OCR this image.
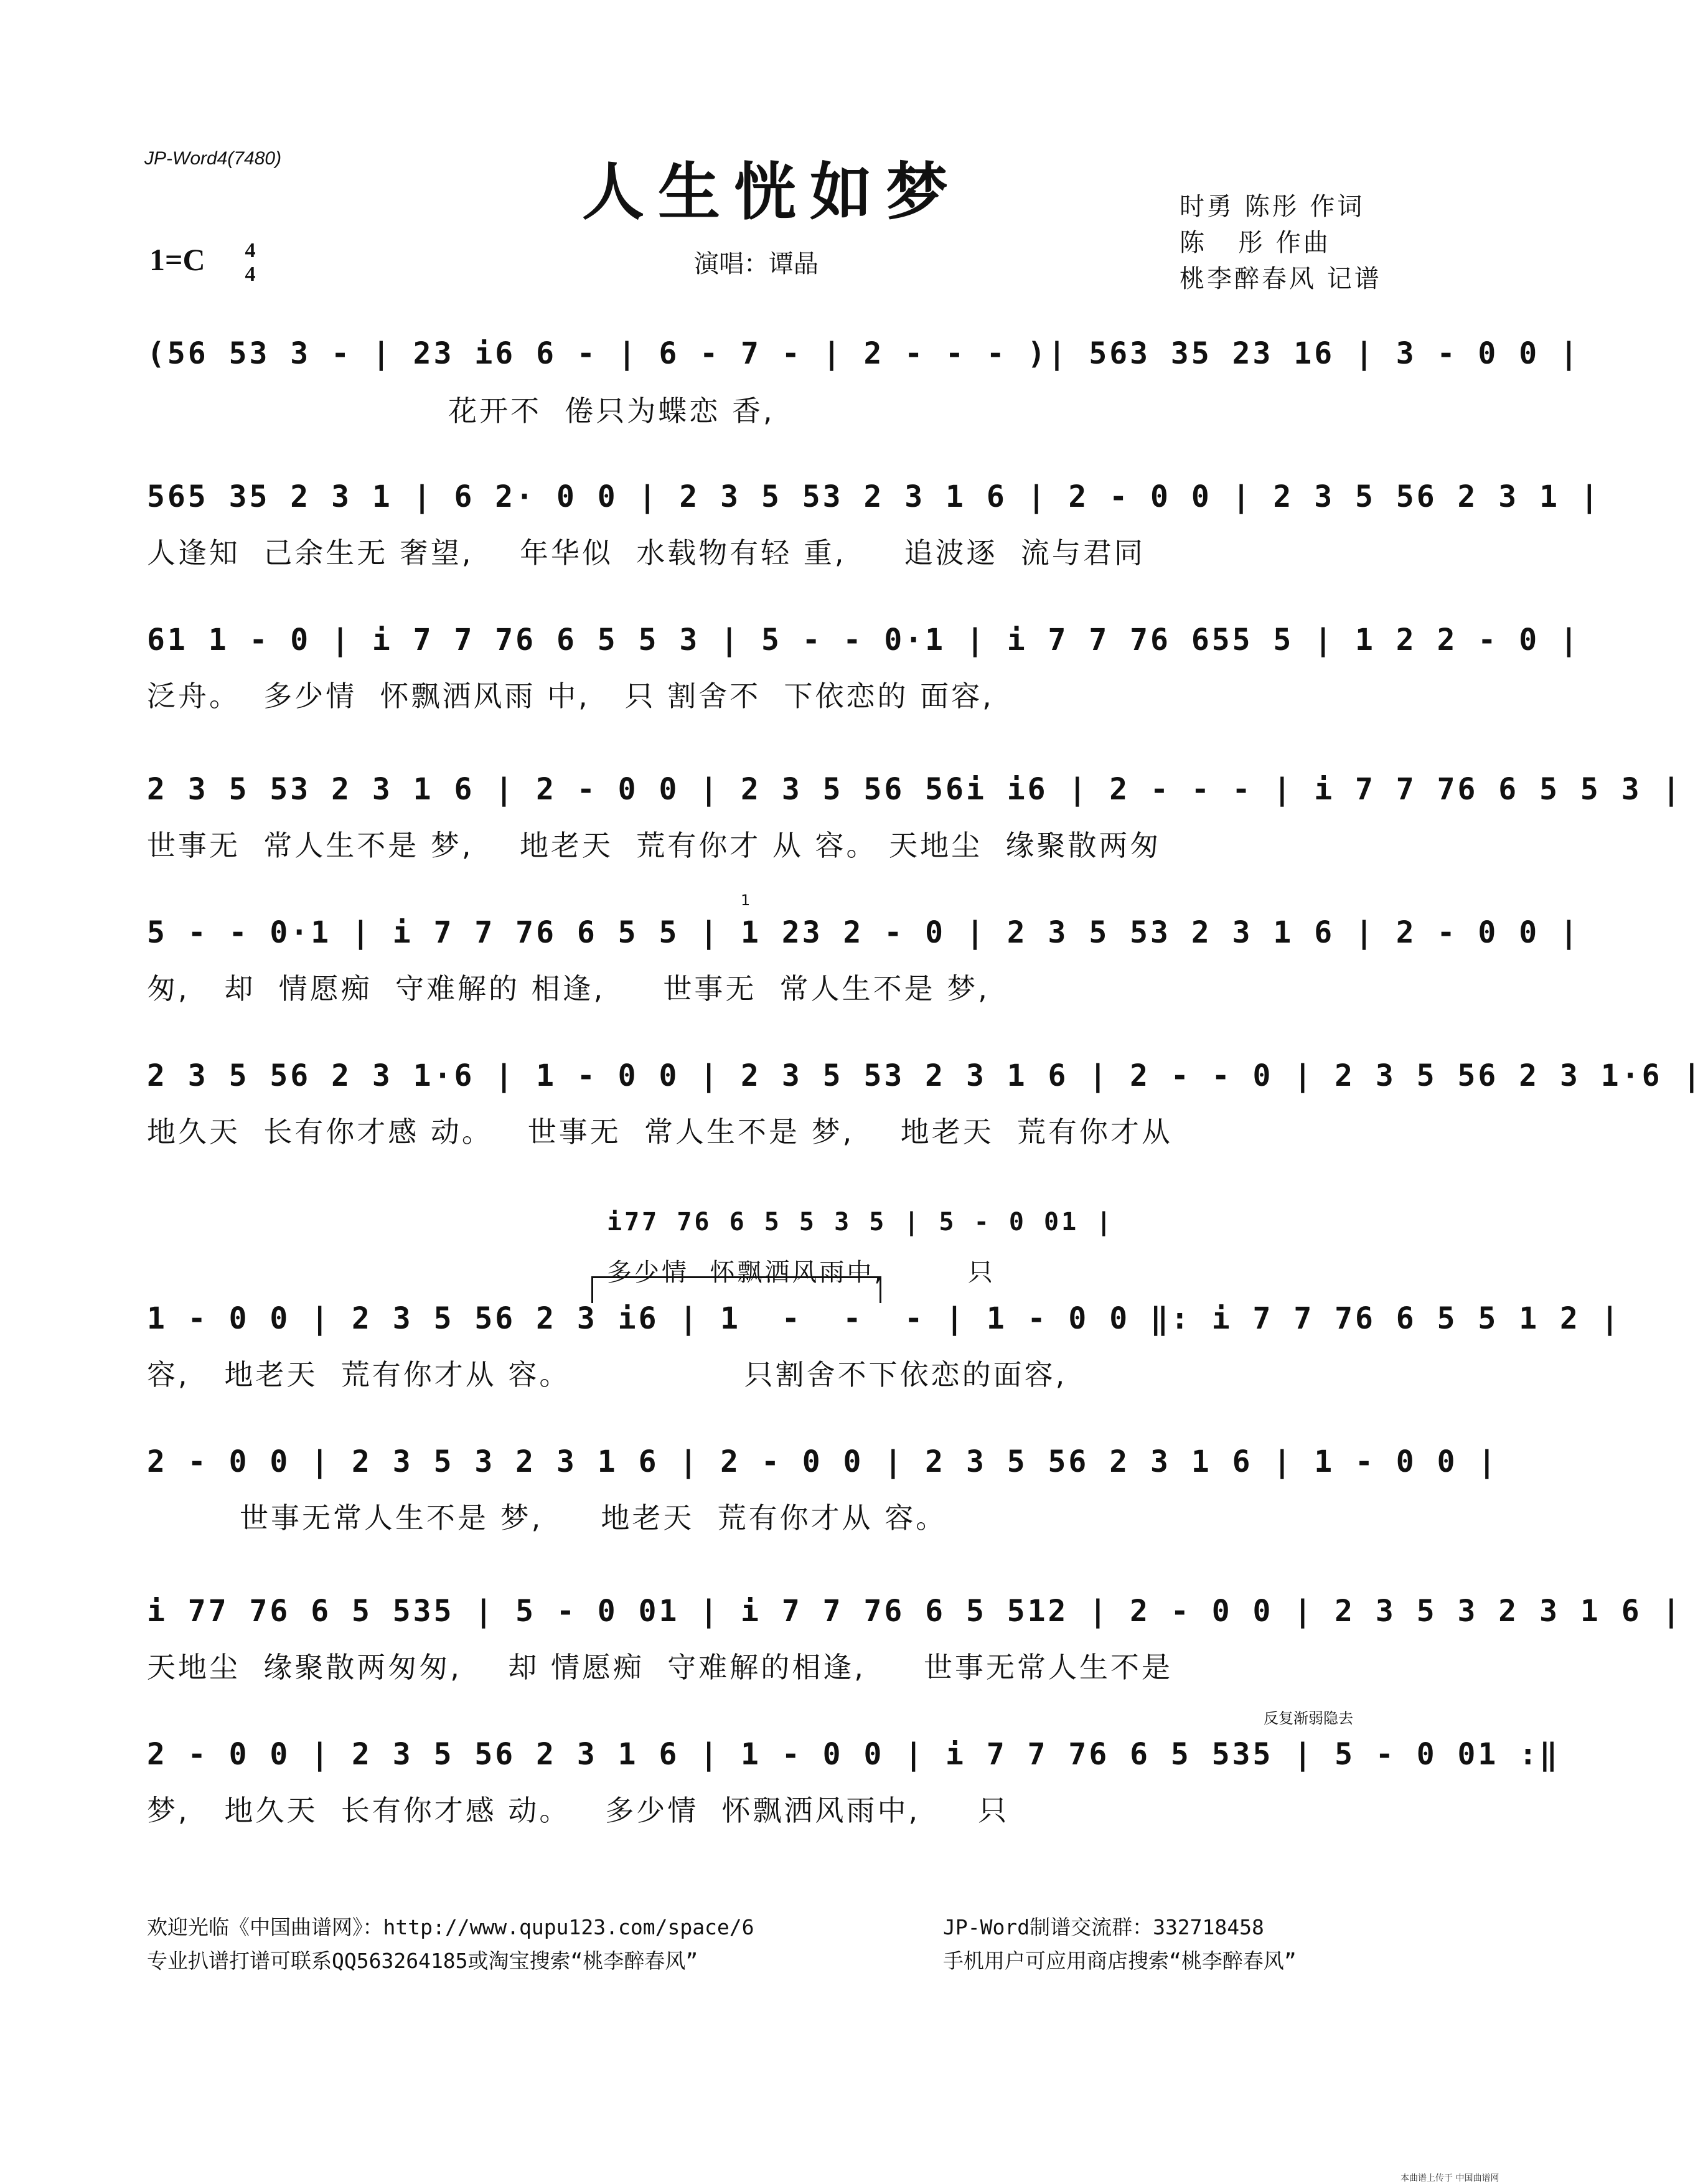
JP-Word4(7480)	人生恍如梦
1=C	4
4	演唱：谭晶
时勇 陈彤 作词
陈   彤 作曲
桃李醉春风 记谱
(56 53 3 - | 23 i6 6 - | 6 - 7 - | 2 - - - )| 563 35 23 16 | 3 - 0 0 |
花开不  倦只为蝶恋 香,
565 35 2 3 1 | 6 2· 0 0 | 2 3 5 53 2 3 1 6 | 2 - 0 0 | 2 3 5 56 2 3 1 |
人逢知  己余生无 奢望,    年华似  水载物有轻 重,     追波逐  流与君同
61 1 - 0 | i 7 7 76 6 5 5 3 | 5 - - 0·1 | i 7 7 76 655 5 | 1 2 2 - 0 |
泛舟。  多少情  怀飘洒风雨 中,   只 割舍不  下依恋的 面容,
2 3 5 53 2 3 1 6 | 2 - 0 0 | 2 3 5 56 56i i6 | 2 - - - | i 7 7 76 6 5 5 3 |
世事无  常人生不是 梦,    地老天  荒有你才 从 容。 天地尘  缘聚散两匆
1
5 - - 0·1 | i 7 7 76 6 5 5 | 1 23 2 - 0 | 2 3 5 53 2 3 1 6 | 2 - 0 0 |
匆,   却  情愿痴  守难解的 相逢,     世事无  常人生不是 梦,
2 3 5 56 2 3 1·6 | 1 - 0 0 | 2 3 5 53 2 3 1 6 | 2 - - 0 | 2 3 5 56 2 3 1·6 |
地久天  长有你才感 动。   世事无  常人生不是 梦,    地老天  荒有你才从
i77 76 6 5 5 3 5 | 5 - 0 01 |
多少情  怀飘洒风雨中,        只
1 - 0 0 | 2 3 5 56 2 3 i6 | 1  -  -  - | 1 - 0 0 ‖: i 7 7 76 6 5 5 1 2 |
容,   地老天  荒有你才从 容。               只割舍不下依恋的面容,
2 - 0 0 | 2 3 5 3 2 3 1 6 | 2 - 0 0 | 2 3 5 56 2 3 1 6 | 1 - 0 0 |
世事无常人生不是 梦,     地老天  荒有你才从 容。
i 77 76 6 5 535 | 5 - 0 01 | i 7 7 76 6 5 512 | 2 - 0 0 | 2 3 5 3 2 3 1 6 |
天地尘  缘聚散两匆匆,    却 情愿痴  守难解的相逢,     世事无常人生不是
反复渐弱隐去
2 - 0 0 | 2 3 5 56 2 3 1 6 | 1 - 0 0 | i 7 7 76 6 5 535 | 5 - 0 01 :‖
梦,   地久天  长有你才感 动。   多少情  怀飘洒风雨中,     只
欢迎光临《中国曲谱网》：http://www.qupu123.com/space/6	JP-Word制谱交流群：332718458
专业扒谱打谱可联系QQ563264185或淘宝搜索“桃李醉春风”	手机用户可应用商店搜索“桃李醉春风”
本曲谱上传于 中国曲谱网
